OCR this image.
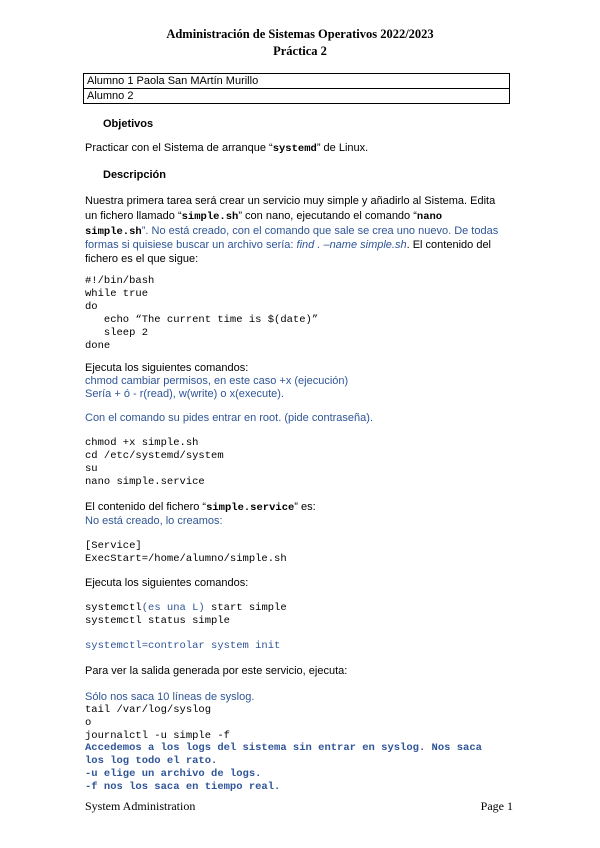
Administración de Sistemas Operativos 2022/2023
Práctica 2
Alumno 1 Paola San MArtín Murillo
Alumno 2
Objetivos
Practicar con el Sistema de arranque “systemd” de Linux.
Descripción
Nuestra primera tarea será crear un servicio muy simple y añadirlo al Sistema. Edita
un fichero llamado “simple.sh” con nano, ejecutando el comando “nano
simple.sh”. No está creado, con el comando que sale se crea uno nuevo. De todas
formas si quisiese buscar un archivo sería: find . –name simple.sh. El contenido del
fichero es el que sigue:
#!/bin/bash
while true
do
echo “The current time is $(date)”
sleep 2
done
Ejecuta los siguientes comandos:
chmod cambiar permisos, en este caso +x (ejecución)
Sería + ó - r(read), w(write) o x(execute).
Con el comando su pides entrar en root. (pide contraseña).
chmod +x simple.sh
cd /etc/systemd/system
su
nano simple.service
El contenido del fichero “simple.service” es:
No está creado, lo creamos:
[Service]
ExecStart=/home/alumno/simple.sh
Ejecuta los siguientes comandos:
systemctl(es una L) start simple
systemctl status simple
systemctl=controlar system init
Para ver la salida generada por este servicio, ejecuta:
Sólo nos saca 10 líneas de syslog.
tail /var/log/syslog
o
journalctl -u simple -f
Accedemos a los logs del sistema sin entrar en syslog. Nos saca
los log todo el rato.
-u elige un archivo de logs.
-f nos los saca en tiempo real.
System Administration	Page 1
